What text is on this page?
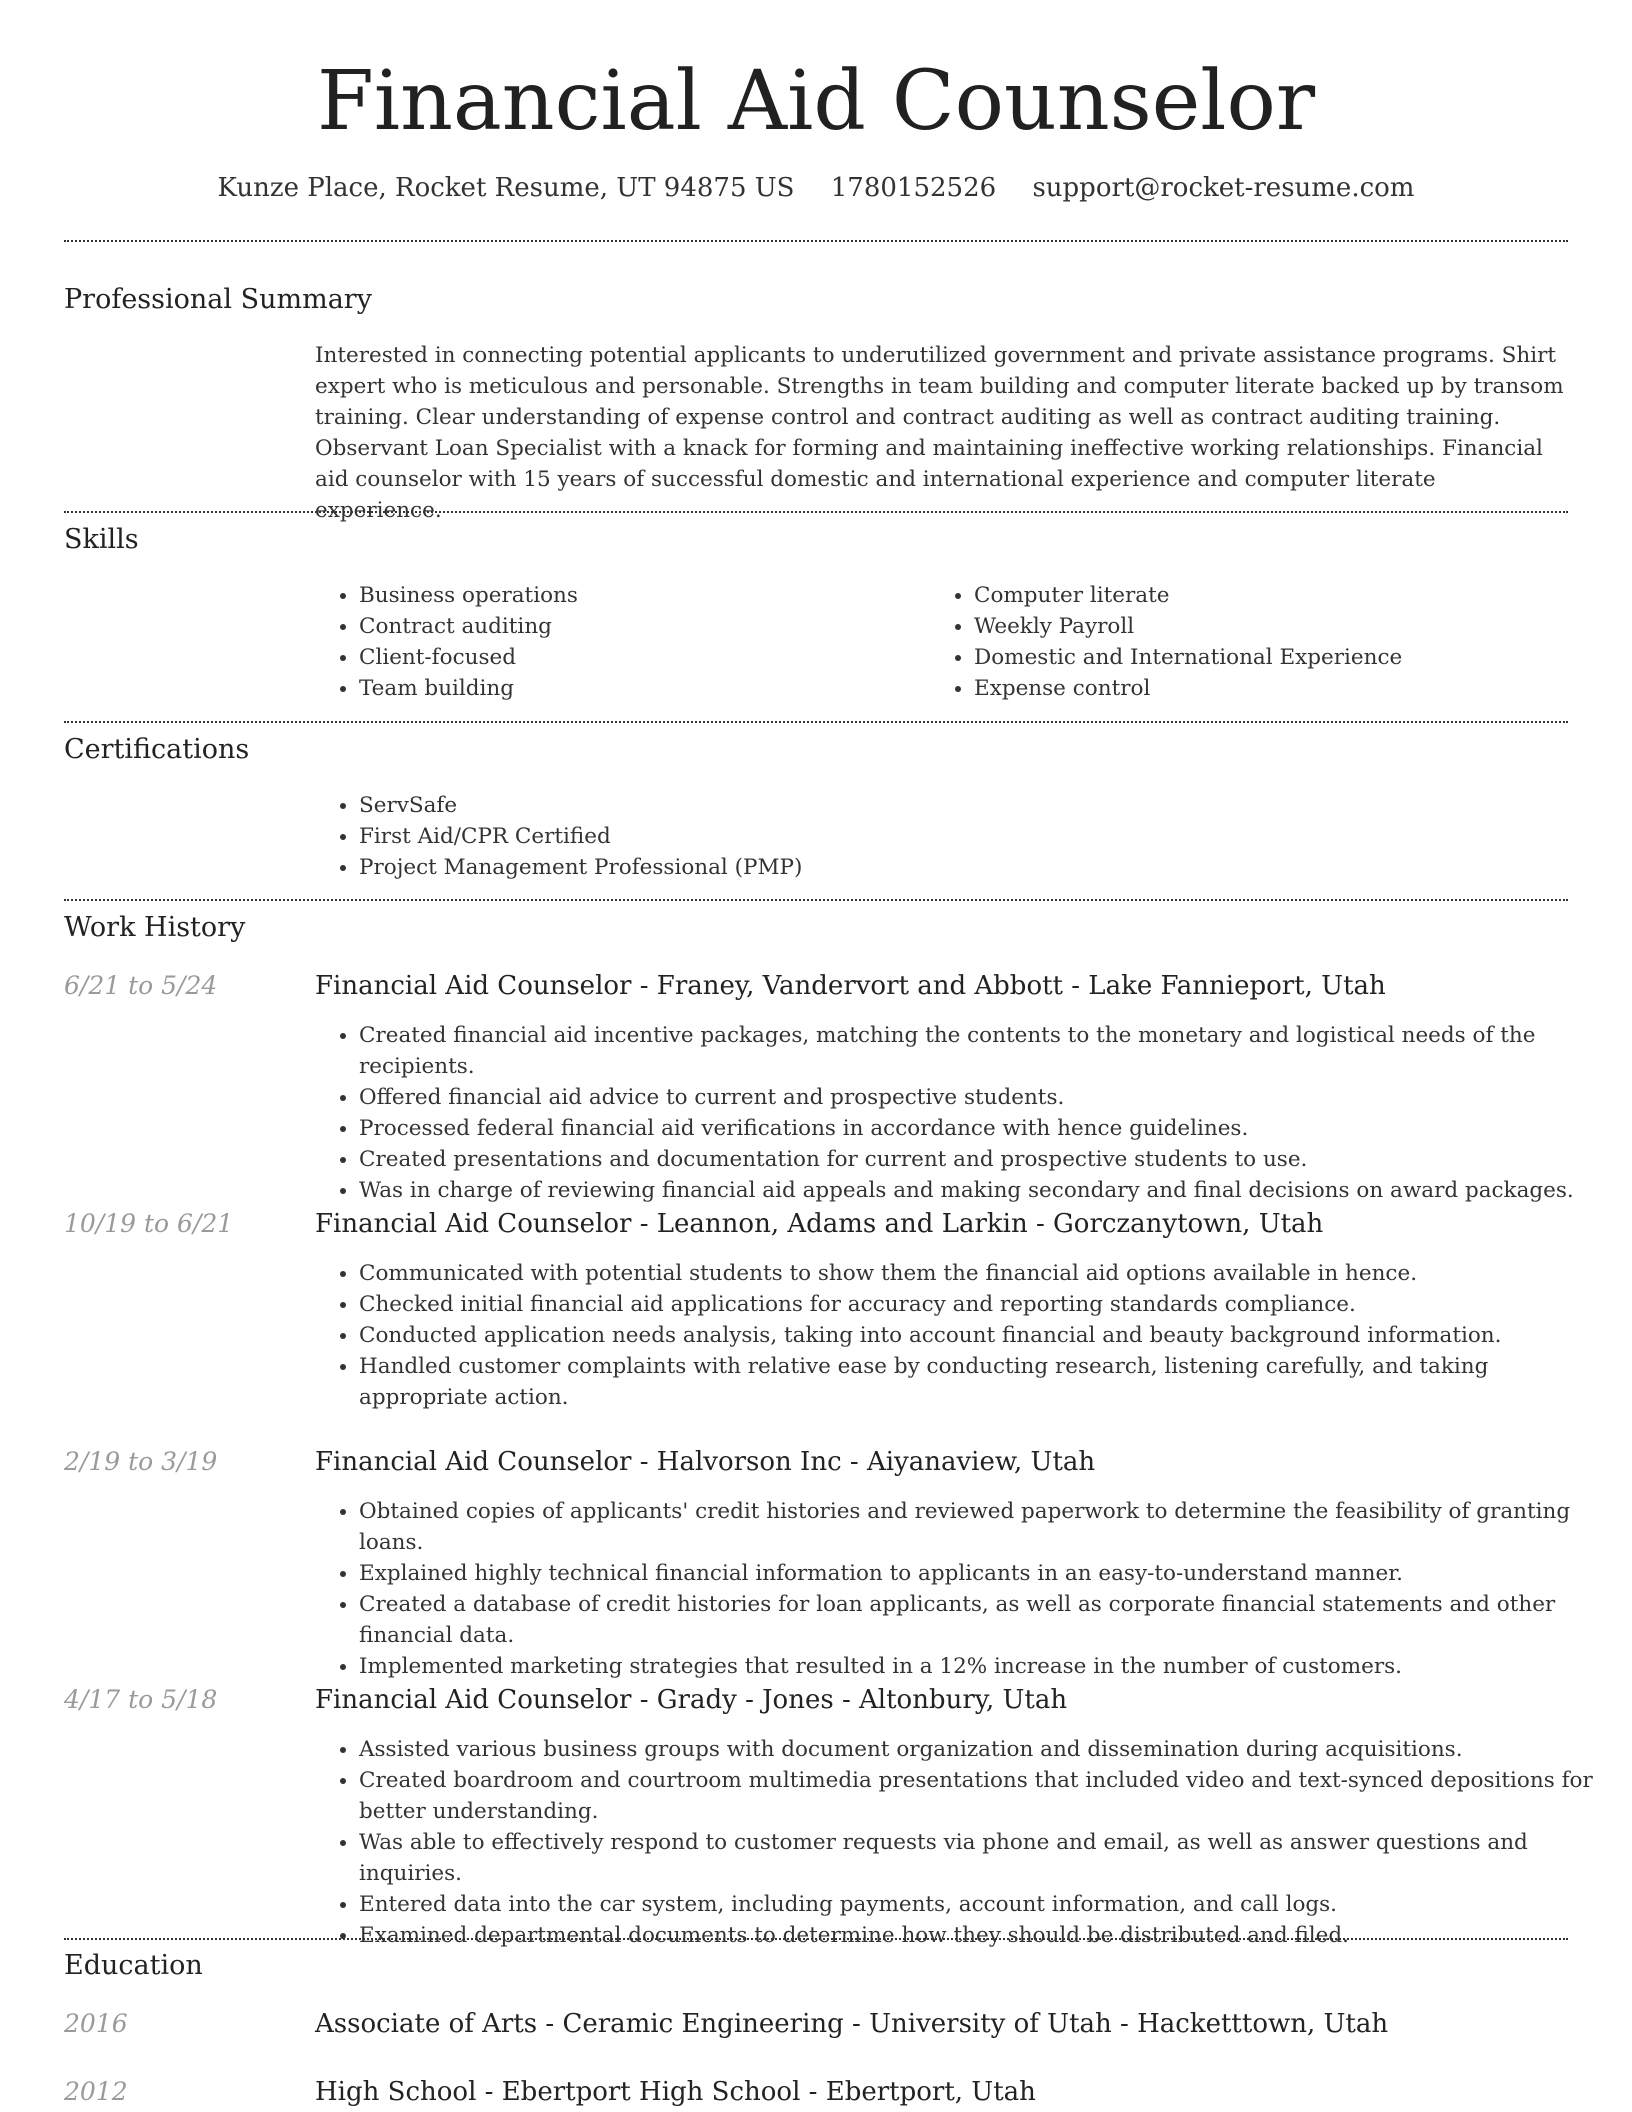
Financial Aid Counselor
Kunze Place, Rocket Resume, UT 94875 US 1780152526 support@rocket-resume.com
Professional Summary

Interested in connecting potential applicants to underutilized government and private assistance programs. Shirt expert who is meticulous and personable. Strengths in team building and computer literate backed up by transom training. Clear understanding of expense control and contract auditing as well as contract auditing training. Observant Loan Specialist with a knack for forming and maintaining ineffective working relationships. Financial aid counselor with 15 years of successful domestic and international experience and computer literate experience.

Skills
• Business operations
• Contract auditing
• Client-focused
• Team building
• Computer literate
• Weekly Payroll
• Domestic and International Experience
• Expense control
Certifications
• ServSafe
• First Aid/CPR Certified
• Project Management Professional (PMP)
Work History
6/21 to 5/24	Financial Aid Counselor - Franey, Vandervort and Abbott - Lake Fannieport, Utah
• Created financial aid incentive packages, matching the contents to the monetary and logistical needs of the recipients.
• Offered financial aid advice to current and prospective students.
• Processed federal financial aid verifications in accordance with hence guidelines.
• Created presentations and documentation for current and prospective students to use.
• Was in charge of reviewing financial aid appeals and making secondary and final decisions on award packages.
10/19 to 6/21	Financial Aid Counselor - Leannon, Adams and Larkin - Gorczanytown, Utah
• Communicated with potential students to show them the financial aid options available in hence.
• Checked initial financial aid applications for accuracy and reporting standards compliance.
• Conducted application needs analysis, taking into account financial and beauty background information.
• Handled customer complaints with relative ease by conducting research, listening carefully, and taking appropriate action.
2/19 to 3/19	Financial Aid Counselor - Halvorson Inc - Aiyanaview, Utah
• Obtained copies of applicants' credit histories and reviewed paperwork to determine the feasibility of granting loans.
• Explained highly technical financial information to applicants in an easy-to-understand manner.
• Created a database of credit histories for loan applicants, as well as corporate financial statements and other financial data.
• Implemented marketing strategies that resulted in a 12% increase in the number of customers.
4/17 to 5/18	Financial Aid Counselor - Grady - Jones - Altonbury, Utah
• Assisted various business groups with document organization and dissemination during acquisitions.
• Created boardroom and courtroom multimedia presentations that included video and text-synced depositions for better understanding.
• Was able to effectively respond to customer requests via phone and email, as well as answer questions and inquiries.
• Entered data into the car system, including payments, account information, and call logs.
• Examined departmental documents to determine how they should be distributed and filed.
Education
2016	Associate of Arts - Ceramic Engineering - University of Utah - Hacketttown, Utah
2012	High School - Ebertport High School - Ebertport, Utah
